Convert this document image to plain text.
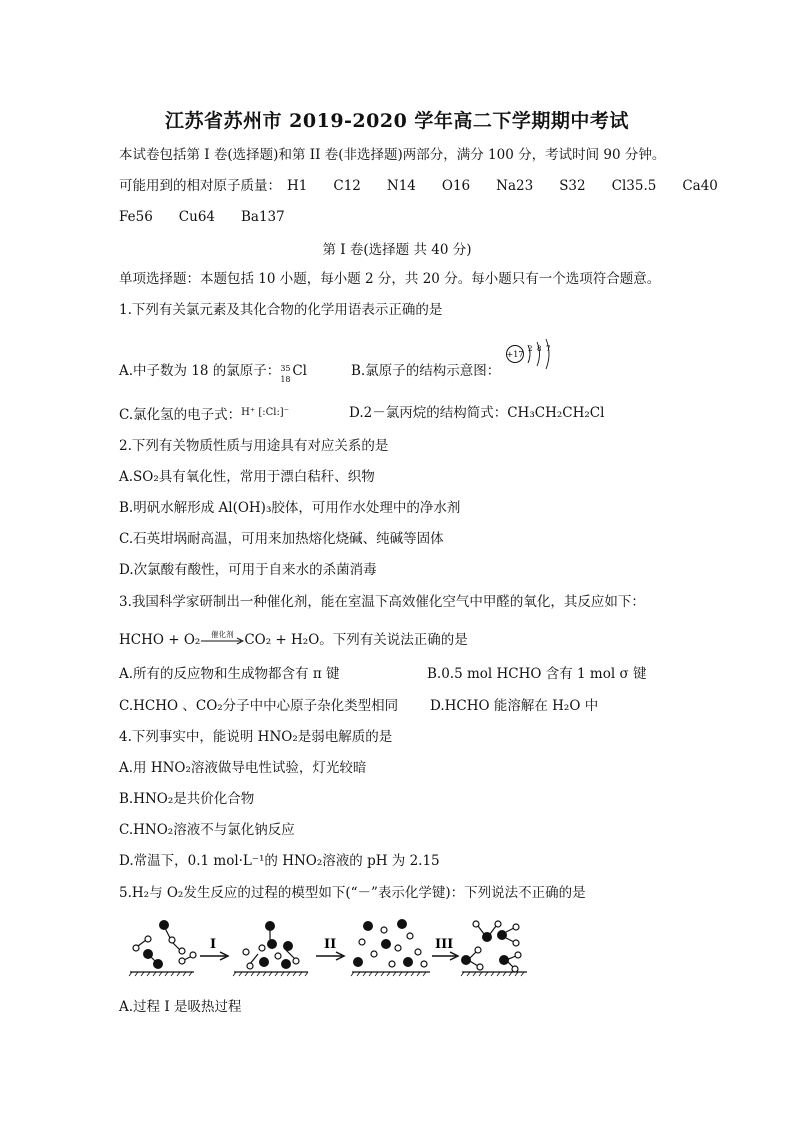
江苏省苏州市 2019-2020 学年高二下学期期中考试
本试卷包括第 I 卷(选择题)和第 II 卷(非选择题)两部分，满分 100 分，考试时间 90 分钟。
可能用到的相对原子质量： H1 C12 N14 O16 Na23 S32 Cl35.5 Ca40
Fe56 Cu64 Ba137
第 I 卷(选择题 共 40 分)
单项选择题：本题包括 10 小题，每小题 2 分，共 20 分。每小题只有一个选项符合题意。
1.下列有关氯元素及其化合物的化学用语表示正确的是
A.中子数为 18 的氯原子： 35
18
Cl	B.氯原子的结构示意图：
+17
2 8 7
C.氯化氢的电子式：$^{H^+ [:Cl:]^-}$	D.2－氯丙烷的结构简式：CH₃CH₂CH₂Cl
2.下列有关物质性质与用途具有对应关系的是
A.SO₂具有氧化性，常用于漂白秸秆、织物
B.明矾水解形成 Al(OH)₃胶体，可用作水处理中的净水剂
C.石英坩埚耐高温，可用来加热熔化烧碱、纯碱等固体
D.次氯酸有酸性，可用于自来水的杀菌消毒
3.我国科学家研制出一种催化剂，能在室温下高效催化空气中甲醛的氧化，其反应如下：
HCHO + O₂	催化剂 CO₂ + H₂O。下列有关说法正确的是
A.所有的反应物和生成物都含有 π 键	B.0.5 mol HCHO 含有 1 mol σ 键
C.HCHO 、CO₂分子中中心原子杂化类型相同 D.HCHO 能溶解在 H₂O 中
4.下列事实中，能说明 HNO₂是弱电解质的是
A.用 HNO₂溶液做导电性试验，灯光较暗
B.HNO₂是共价化合物
C.HNO₂溶液不与氯化钠反应
D.常温下，0.1 mol·L⁻¹的 HNO₂溶液的 pH 为 2.15
5.H₂与 O₂发生反应的过程的模型如下(“－”表示化学键)：下列说法不正确的是
I	II	III
A.过程 I 是吸热过程
